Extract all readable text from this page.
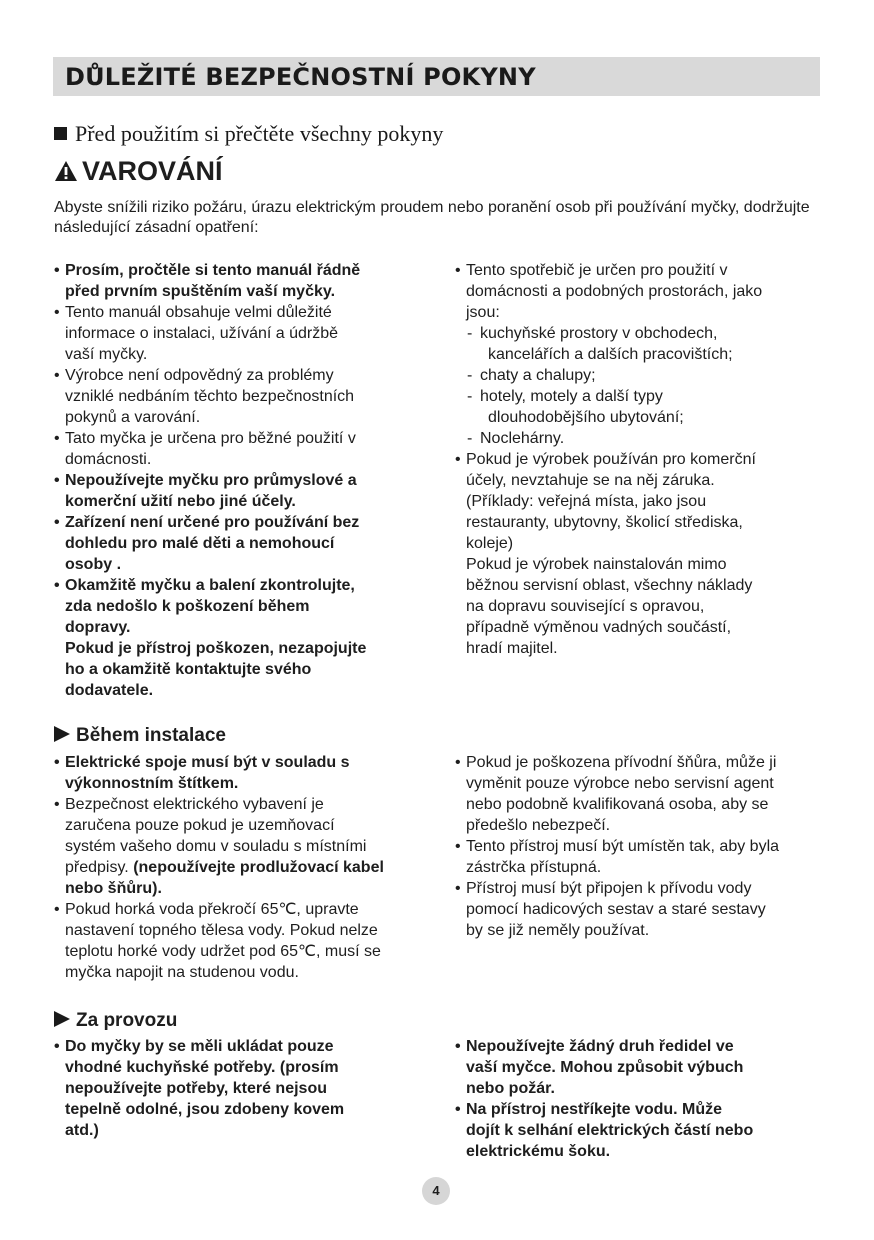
DŮLEŽITÉ BEZPEČNOSTNÍ POKYNY
Před použitím si přečtěte všechny pokyny
VAROVÁNÍ
Abyste snížili riziko požáru, úrazu elektrickým proudem nebo poranění osob při používání myčky, dodržujte následující zásadní opatření:
• Prosím, pročtěle si tento manuál řádně

před prvním spuštěním vaší myčky.

• Tento manuál obsahuje velmi důležité

informace o instalaci, užívání a údržbě

vaší myčky.

• Výrobce není odpovědný za problémy

vzniklé nedbáním těchto bezpečnostních

pokynů a varování.

• Tato myčka je určena pro běžné použití v

domácnosti.

• Nepoužívejte myčku pro průmyslové a

komerční užití nebo jiné účely.

• Zařízení není určené pro používání bez

dohledu pro malé děti a nemohoucí

osoby .

• Okamžitě myčku a balení zkontrolujte,

zda nedošlo k poškození během

dopravy.

Pokud je přístroj poškozen, nezapojujte

ho a okamžitě kontaktujte svého

dodavatele.

• Tento spotřebič je určen pro použití v

domácnosti a podobných prostorách, jako

jsou:

- kuchyňské prostory v obchodech,

kancelářích a dalších pracovištích;

- chaty a chalupy;

- hotely, motely a další typy

dlouhodobějšího ubytování;

- Noclehárny.

• Pokud je výrobek používán pro komerční

účely, nevztahuje se na něj záruka.

(Příklady: veřejná místa, jako jsou

restauranty, ubytovny, školicí střediska,

koleje)

Pokud je výrobek nainstalován mimo

běžnou servisní oblast, všechny náklady

na dopravu související s opravou,

případně výměnou vadných součástí,

hradí majitel.

Během instalace
• Elektrické spoje musí být v souladu s

výkonnostním štítkem.

• Bezpečnost elektrického vybavení je

zaručena pouze pokud je uzemňovací

systém vašeho domu v souladu s místními

předpisy. (nepoužívejte prodlužovací kabel

nebo šňůru).

• Pokud horká voda překročí 65℃, upravte

nastavení topného tělesa vody. Pokud nelze

teplotu horké vody udržet pod 65℃, musí se

myčka napojit na studenou vodu.

• Pokud je poškozena přívodní šňůra, může ji

vyměnit pouze výrobce nebo servisní agent

nebo podobně kvalifikovaná osoba, aby se

předešlo nebezpečí.

• Tento přístroj musí být umístěn tak, aby byla

zástrčka přístupná.

• Přístroj musí být připojen k přívodu vody

pomocí hadicových sestav a staré sestavy

by se již neměly používat.

Za provozu
• Do myčky by se měli ukládat pouze

vhodné kuchyňské potřeby. (prosím

nepoužívejte potřeby, které nejsou

tepelně odolné, jsou zdobeny kovem

atd.)

• Nepoužívejte žádný druh ředidel ve

vaší myčce. Mohou způsobit výbuch

nebo požár.

• Na přístroj nestříkejte vodu. Může

dojít k selhání elektrických částí nebo

elektrickému šoku.

4
